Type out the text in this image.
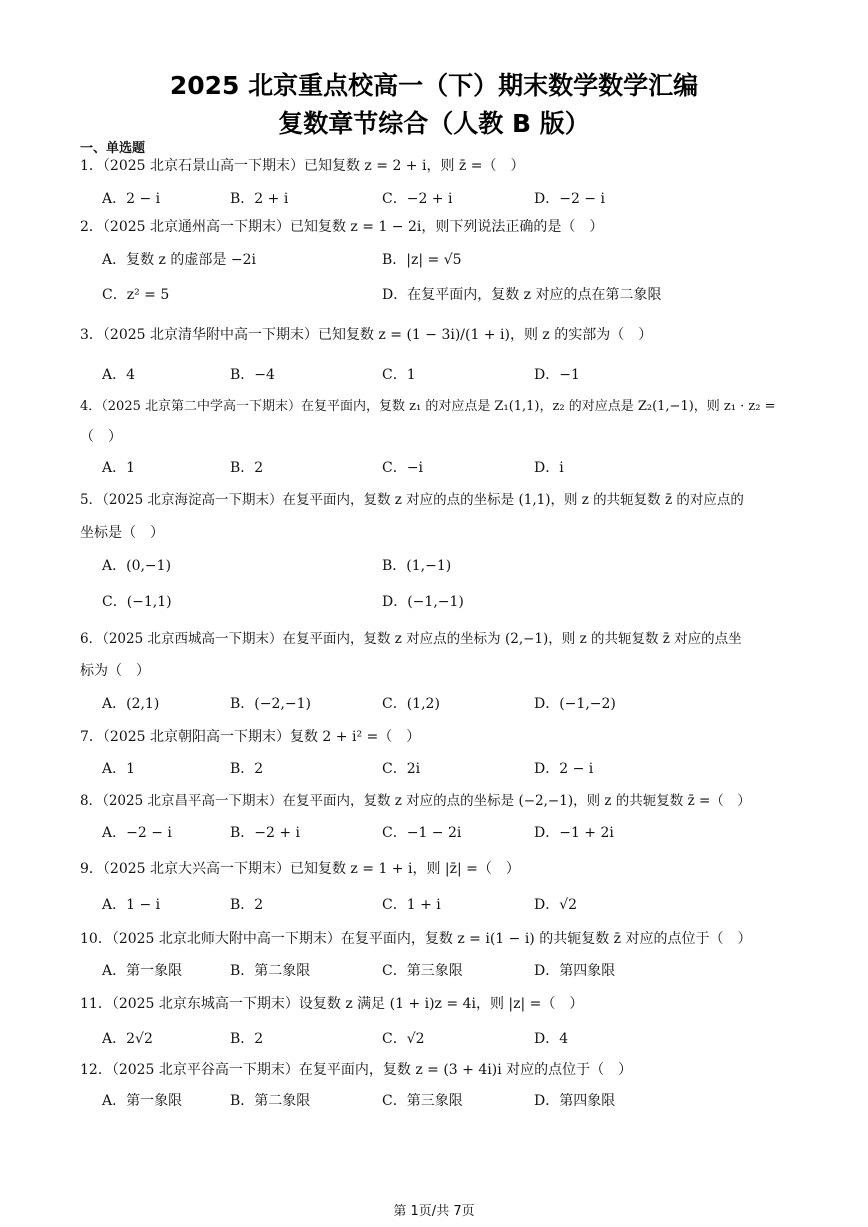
2025 北京重点校高一（下）期末数学数学汇编
复数章节综合（人教 B 版）
一、单选题
1．（2025 北京石景山高一下期末）已知复数 z = 2 + i，则 z̄ =（　）
A．2 − i	B．2 + i	C．−2 + i	D．−2 − i
2．（2025 北京通州高一下期末）已知复数 z = 1 − 2i，则下列说法正确的是（　）
A．复数 z 的虚部是 −2i	B．|z| = √5
C．z² = 5	D．在复平面内，复数 z 对应的点在第二象限
3．（2025 北京清华附中高一下期末）已知复数 z = (1 − 3i)/(1 + i)，则 z 的实部为（　）
A．4	B．−4	C．1	D．−1
4．（2025 北京第二中学高一下期末）在复平面内，复数 z₁ 的对应点是 Z₁(1,1)，z₂ 的对应点是 Z₂(1,−1)，则 z₁ · z₂ =
（　）
A．1	B．2	C．−i	D．i
5．（2025 北京海淀高一下期末）在复平面内，复数 z 对应的点的坐标是 (1,1)，则 z 的共轭复数 z̄ 的对应点的
坐标是（　）
A．(0,−1)	B．(1,−1)
C．(−1,1)	D．(−1,−1)
6．（2025 北京西城高一下期末）在复平面内，复数 z 对应点的坐标为 (2,−1)，则 z 的共轭复数 z̄ 对应的点坐
标为（　）
A．(2,1)	B．(−2,−1)	C．(1,2)	D．(−1,−2)
7．（2025 北京朝阳高一下期末）复数 2 + i² =（　）
A．1	B．2	C．2i	D．2 − i
8．（2025 北京昌平高一下期末）在复平面内，复数 z 对应的点的坐标是 (−2,−1)，则 z 的共轭复数 z̄ =（　）
A．−2 − i	B．−2 + i	C．−1 − 2i	D．−1 + 2i
9．（2025 北京大兴高一下期末）已知复数 z = 1 + i，则 |z̄| =（　）
A．1 − i	B．2	C．1 + i	D．√2
10．（2025 北京北师大附中高一下期末）在复平面内，复数 z = i(1 − i) 的共轭复数 z̄ 对应的点位于（　）
A．第一象限	B．第二象限	C．第三象限	D．第四象限
11．（2025 北京东城高一下期末）设复数 z 满足 (1 + i)z = 4i，则 |z| =（　）
A．2√2	B．2	C．√2	D．4
12．（2025 北京平谷高一下期末）在复平面内，复数 z = (3 + 4i)i 对应的点位于（　）
A．第一象限	B．第二象限	C．第三象限	D．第四象限
第 1页/共 7页
